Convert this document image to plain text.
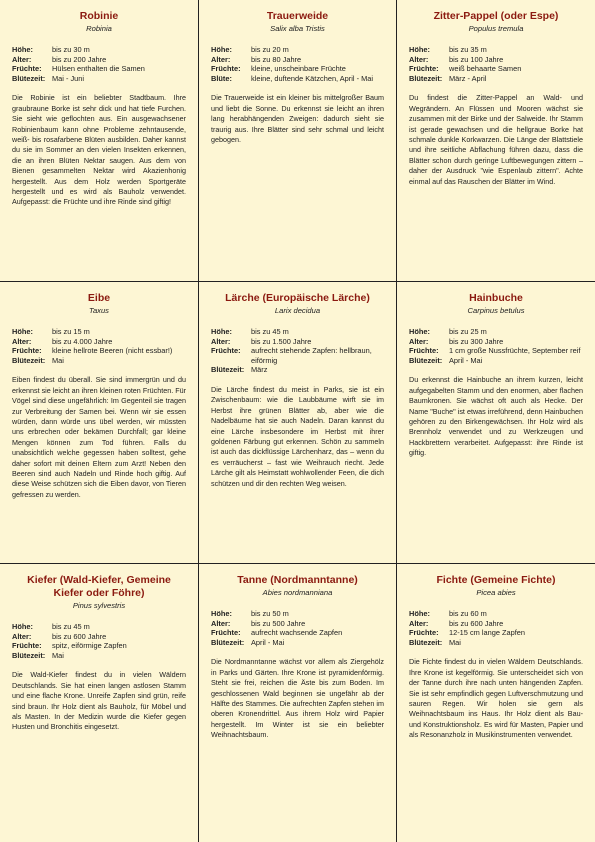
Robinie
Robinia
Höhe:	bis zu 30 m
Alter:	bis zu 200 Jahre
Früchte:	Hülsen enthalten die Samen
Blütezeit: Mai - Juni

Die Robinie ist ein beliebter Stadtbaum. Ihre graubraune Borke ist sehr dick und hat tiefe Furchen. Sie sieht wie geflochten aus. Ein ausgewachsener Robinienbaum kann ohne Probleme zehntausende, weiß- bis rosafarbene Blüten ausbilden. Daher kannst du sie im Sommer an den vielen Insekten erkennen, die an ihren Blüten Nektar saugen. Aus dem von Bienen gesammelten Nektar wird Akazienhonig hergestellt. Aus dem Holz werden Sportgeräte hergestellt und es wird als Bauholz verwendet. Aufgepasst: die Früchte und ihre Rinde sind giftig!

Trauerweide
Salix alba Tristis
Höhe:	bis zu 20 m
Alter:	bis zu 80 Jahre
Früchte:	kleine, unscheinbare Früchte
Blüte:	kleine, duftende Kätzchen, April - Mai

Die Trauerweide ist ein kleiner bis mittelgroßer Baum und liebt die Sonne. Du erkennst sie leicht an ihren lang herabhängenden Zweigen: dadurch sieht sie traurig aus. Ihre Blätter sind sehr schmal und leicht gebogen.

Zitter-Pappel (oder Espe)
Populus tremula
Höhe:	bis zu 35 m
Alter:	bis zu 100 Jahre
Früchte:	weiß behaarte Samen
Blütezeit: März - April

Du findest die Zitter-Pappel an Wald- und Wegrändern. An Flüssen und Mooren wächst sie zusammen mit der Birke und der Salweide. Ihr Stamm ist gerade gewachsen und die hellgraue Borke hat schmale dunkle Korkwarzen. Die Länge der Blattstiele und ihre seitliche Abflachung führen dazu, dass die Blätter schon durch geringe Luftbewegungen zittern – daher der Ausdruck "wie Espenlaub zittern". Achte einmal auf das Rauschen der Blätter im Wind.

Eibe
Taxus
Höhe:	bis zu 15 m
Alter:	bis zu 4.000 Jahre
Früchte:	kleine hellrote Beeren (nicht essbar!)
Blütezeit: Mai

Eiben findest du überall. Sie sind immergrün und du erkennst sie leicht an ihren kleinen roten Früchten. Für Vögel sind diese ungefährlich: Im Gegenteil sie tragen zur Verbreitung der Samen bei. Wenn wir sie essen würden, dann würde uns übel werden, wir müssten uns erbrechen oder bekämen Durchfall; gar kleine Mengen können zum Tod führen. Falls du unabsichtlich welche gegessen haben solltest, gehe daher sofort mit deinen Eltern zum Arzt! Neben den Beeren sind auch Nadeln und Rinde hoch giftig. Auf diese Weise schützen sich die Eiben davor, von Tieren gefressen zu werden.

Lärche (Europäische Lärche)
Larix decidua
Höhe:	bis zu 45 m
Alter:	bis zu 1.500 Jahre
Früchte:	aufrecht stehende Zapfen: hellbraun, eiförmig
Blütezeit: März

Die Lärche findest du meist in Parks, sie ist ein Zwischenbaum: wie die Laubbäume wirft sie im Herbst ihre grünen Blätter ab, aber wie die Nadelbäume hat sie auch Nadeln. Daran kannst du eine Lärche insbesondere im Herbst mit ihrer goldenen Färbung gut erkennen. Schön zu sammeln ist auch das dickflüssige Lärchenharz, das – wenn du es verräucherst – fast wie Weihrauch riecht. Jede Lärche gilt als Heimstatt wohlwollender Feen, die dich schützen und dir den rechten Weg weisen.

Hainbuche
Carpinus betulus
Höhe:	bis zu 25 m
Alter:	bis zu 300 Jahre
Früchte:	1 cm große Nussfrüchte, September reif
Blütezeit: April - Mai

Du erkennst die Hainbuche an ihrem kurzen, leicht aufgegabelten Stamm und den enormen, aber flachen Baumkronen. Sie wächst oft auch als Hecke. Der Name "Buche" ist etwas irreführend, denn Hainbuchen gehören zu den Birkengewächsen. Ihr Holz wird als Brennholz verwendet und zu Werkzeugen und Hackbrettern verarbeitet. Aufgepasst: ihre Rinde ist giftig.

Kiefer (Wald-Kiefer, Gemeine Kiefer oder Föhre)
Pinus sylvestris
Höhe:	bis zu 45 m
Alter:	bis zu 600 Jahre
Früchte:	spitz, eiförmige Zapfen
Blütezeit: Mai

Die Wald-Kiefer findest du in vielen Wäldern Deutschlands. Sie hat einen langen astlosen Stamm und eine flache Krone. Unreife Zapfen sind grün, reife sind braun. Ihr Holz dient als Bauholz, für Möbel und als Masten. In der Medizin wurde die Kiefer gegen Husten und Bronchitis eingesetzt.

Tanne (Nordmanntanne)
Abies nordmanniana
Höhe:	bis zu 50 m
Alter:	bis zu 500 Jahre
Früchte:	aufrecht wachsende Zapfen
Blütezeit: April - Mai

Die Nordmanntanne wächst vor allem als Ziergehölz in Parks und Gärten. Ihre Krone ist pyramidenförmig. Steht sie frei, reichen die Äste bis zum Boden. Im geschlossenen Wald beginnen sie ungefähr ab der Hälfte des Stammes. Die aufrechten Zapfen stehen im oberen Kronendrittel. Aus ihrem Holz wird Papier hergestellt. Im Winter ist sie ein beliebter Weihnachtsbaum.

Fichte (Gemeine Fichte)
Picea abies
Höhe:	bis zu 60 m
Alter:	bis zu 600 Jahre
Früchte:	12-15 cm lange Zapfen
Blütezeit: Mai

Die Fichte findest du in vielen Wäldern Deutschlands. Ihre Krone ist kegelförmig. Sie unterscheidet sich von der Tanne durch ihre nach unten hängenden Zapfen. Sie ist sehr empfindlich gegen Luftverschmutzung und sauren Regen. Wir holen sie gern als Weihnachtsbaum ins Haus. Ihr Holz dient als Bau- und Konstruktionsholz. Es wird für Masten, Papier und als Resonanzholz in Musikinstrumenten verwendet.
